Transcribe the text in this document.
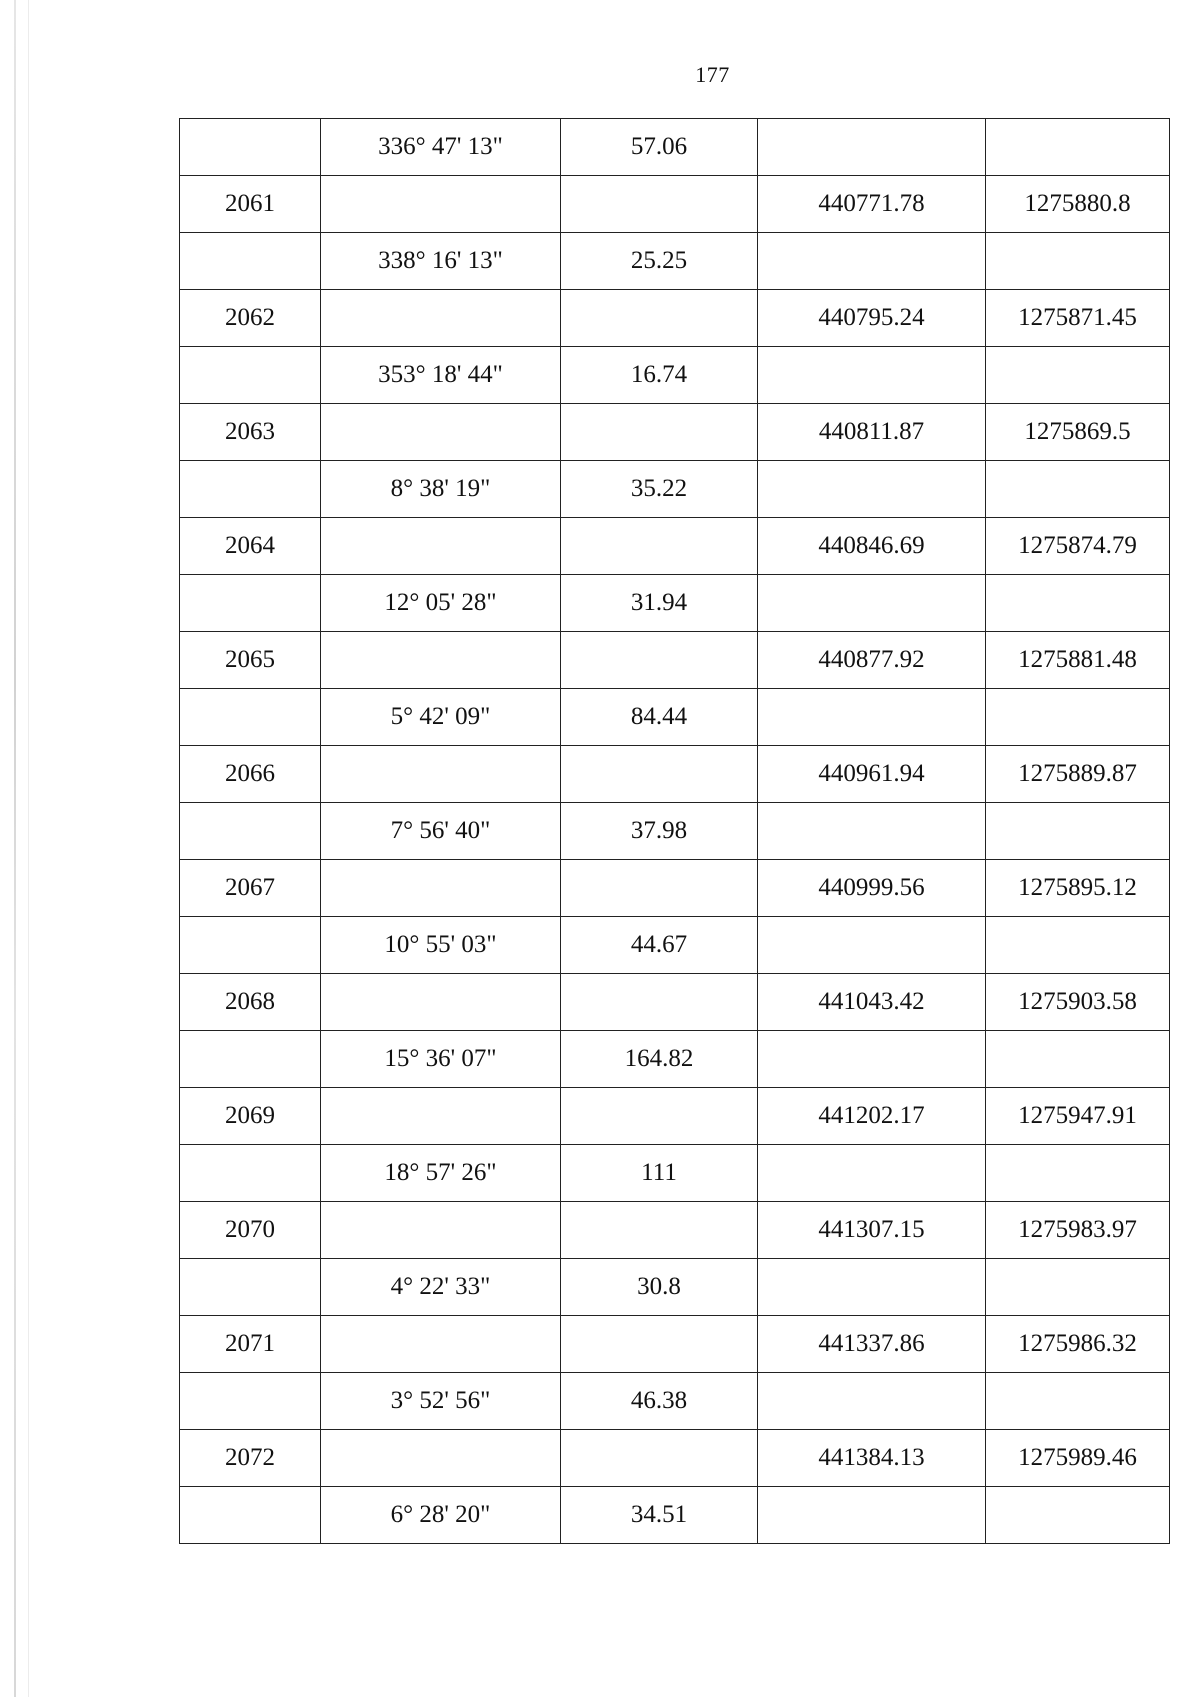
177
	336° 47' 13"	57.06		
2061			440771.78	1275880.8
	338° 16' 13"	25.25		
2062			440795.24	1275871.45
	353° 18' 44"	16.74		
2063			440811.87	1275869.5
	8° 38' 19"	35.22		
2064			440846.69	1275874.79
	12° 05' 28"	31.94		
2065			440877.92	1275881.48
	5° 42' 09"	84.44		
2066			440961.94	1275889.87
	7° 56' 40"	37.98		
2067			440999.56	1275895.12
	10° 55' 03"	44.67		
2068			441043.42	1275903.58
	15° 36' 07"	164.82		
2069			441202.17	1275947.91
	18° 57' 26"	111		
2070			441307.15	1275983.97
	4° 22' 33"	30.8		
2071			441337.86	1275986.32
	3° 52' 56"	46.38		
2072			441384.13	1275989.46
	6° 28' 20"	34.51		
